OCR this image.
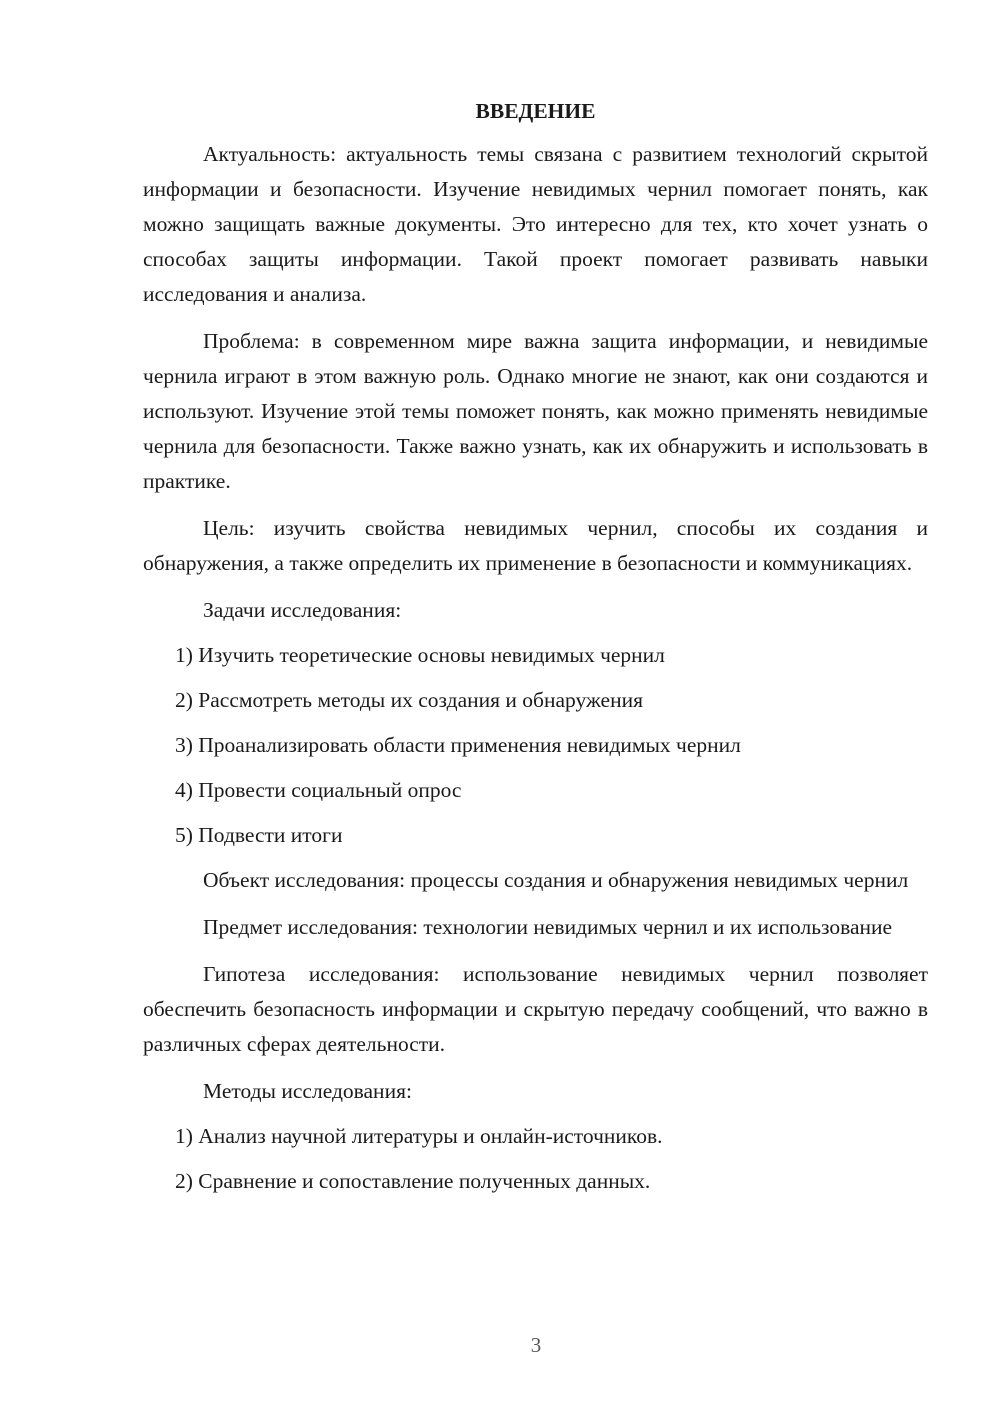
ВВЕДЕНИЕ

Актуальность: актуальность темы связана с развитием технологий скрытой информации и безопасности. Изучение невидимых чернил помогает понять, как можно защищать важные документы. Это интересно для тех, кто хочет узнать о способах защиты информации. Такой проект помогает развивать навыки исследования и анализа.

Проблема: в современном мире важна защита информации, и невидимые чернила играют в этом важную роль. Однако многие не знают, как они создаются и используют. Изучение этой темы поможет понять, как можно применять невидимые чернила для безопасности. Также важно узнать, как их обнаружить и использовать в практике.

Цель: изучить свойства невидимых чернил, способы их создания и обнаружения, а также определить их применение в безопасности и коммуникациях.

Задачи исследования:

1) Изучить теоретические основы невидимых чернил
2) Рассмотреть методы их создания и обнаружения
3) Проанализировать области применения невидимых чернил
4) Провести социальный опрос
5) Подвести итоги

Объект исследования: процессы создания и обнаружения невидимых чернил

Предмет исследования: технологии невидимых чернил и их использование

Гипотеза исследования: использование невидимых чернил позволяет обеспечить безопасность информации и скрытую передачу сообщений, что важно в различных сферах деятельности.

Методы исследования:

1) Анализ научной литературы и онлайн-источников.
2) Сравнение и сопоставление полученных данных.
3
